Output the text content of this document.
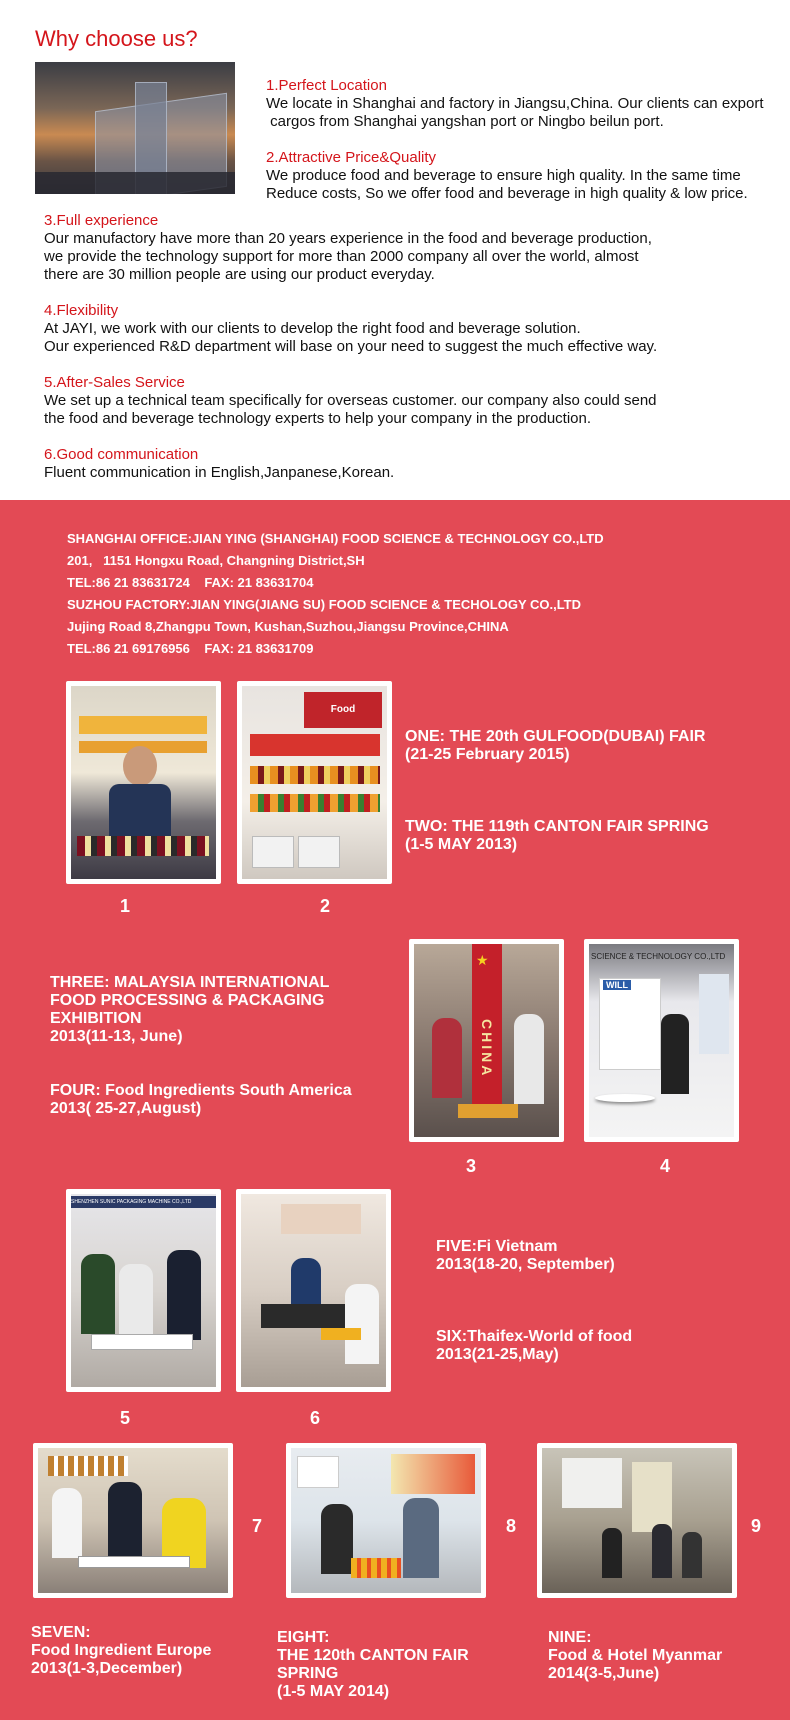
Why choose us?
1.Perfect Location
We locate in Shanghai and factory in Jiangsu,China. Our clients can export
cargos from Shanghai yangshan port or Ningbo beilun port.
2.Attractive Price&Quality
We produce food and beverage to ensure high quality. In the same time
Reduce costs, So we offer food and beverage in high quality & low price.
3.Full experience
Our manufactory have more than 20 years experience in the food and beverage production,
we provide the technology support for more than 2000 company all over the world, almost
there are 30 million people are using our product everyday.
4.Flexibility
At JAYI, we work with our clients to develop the right food and beverage solution.
Our experienced R&D department will base on your need to suggest the much effective way.
5.After-Sales Service
We set up a technical team specifically for overseas customer. our company also could send
the food and beverage technology experts to help your company in the production.
6.Good communication
Fluent communication in English,Janpanese,Korean.
SHANGHAI OFFICE:JIAN YING (SHANGHAI) FOOD SCIENCE & TECHNOLOGY CO.,LTD
201,   1151 Hongxu Road, Changning District,SH
TEL:86 21 83631724    FAX: 21 83631704
SUZHOU FACTORY:JIAN YING(JIANG SU) FOOD SCIENCE & TECHOLOGY CO.,LTD
Jujing Road 8,Zhangpu Town, Kushan,Suzhou,Jiangsu Province,CHINA
TEL:86 21 69176956    FAX: 21 83631709
Food
1	2
ONE: THE 20th GULFOOD(DUBAI) FAIR
(21-25 February 2015)
TWO: THE 119th CANTON FAIR SPRING
(1-5 MAY 2013)
THREE: MALAYSIA INTERNATIONAL
FOOD PROCESSING & PACKAGING
EXHIBITION
2013(11-13, June)
FOUR: Food Ingredients South America
2013( 25-27,August)
CHINA
★	SCIENCE & TECHNOLOGY CO.,LTD
WILL
3	4
SHENZHEN SUNIC PACKAGING MACHINE CO.,LTD
5	6
FIVE:Fi Vietnam
2013(18-20, September)
SIX:Thaifex-World of food
2013(21-25,May)
7	8	9
SEVEN:
Food Ingredient Europe
2013(1-3,December)
EIGHT:
THE 120th CANTON FAIR
SPRING
(1-5 MAY 2014)
NINE:
Food & Hotel Myanmar
2014(3-5,June)
